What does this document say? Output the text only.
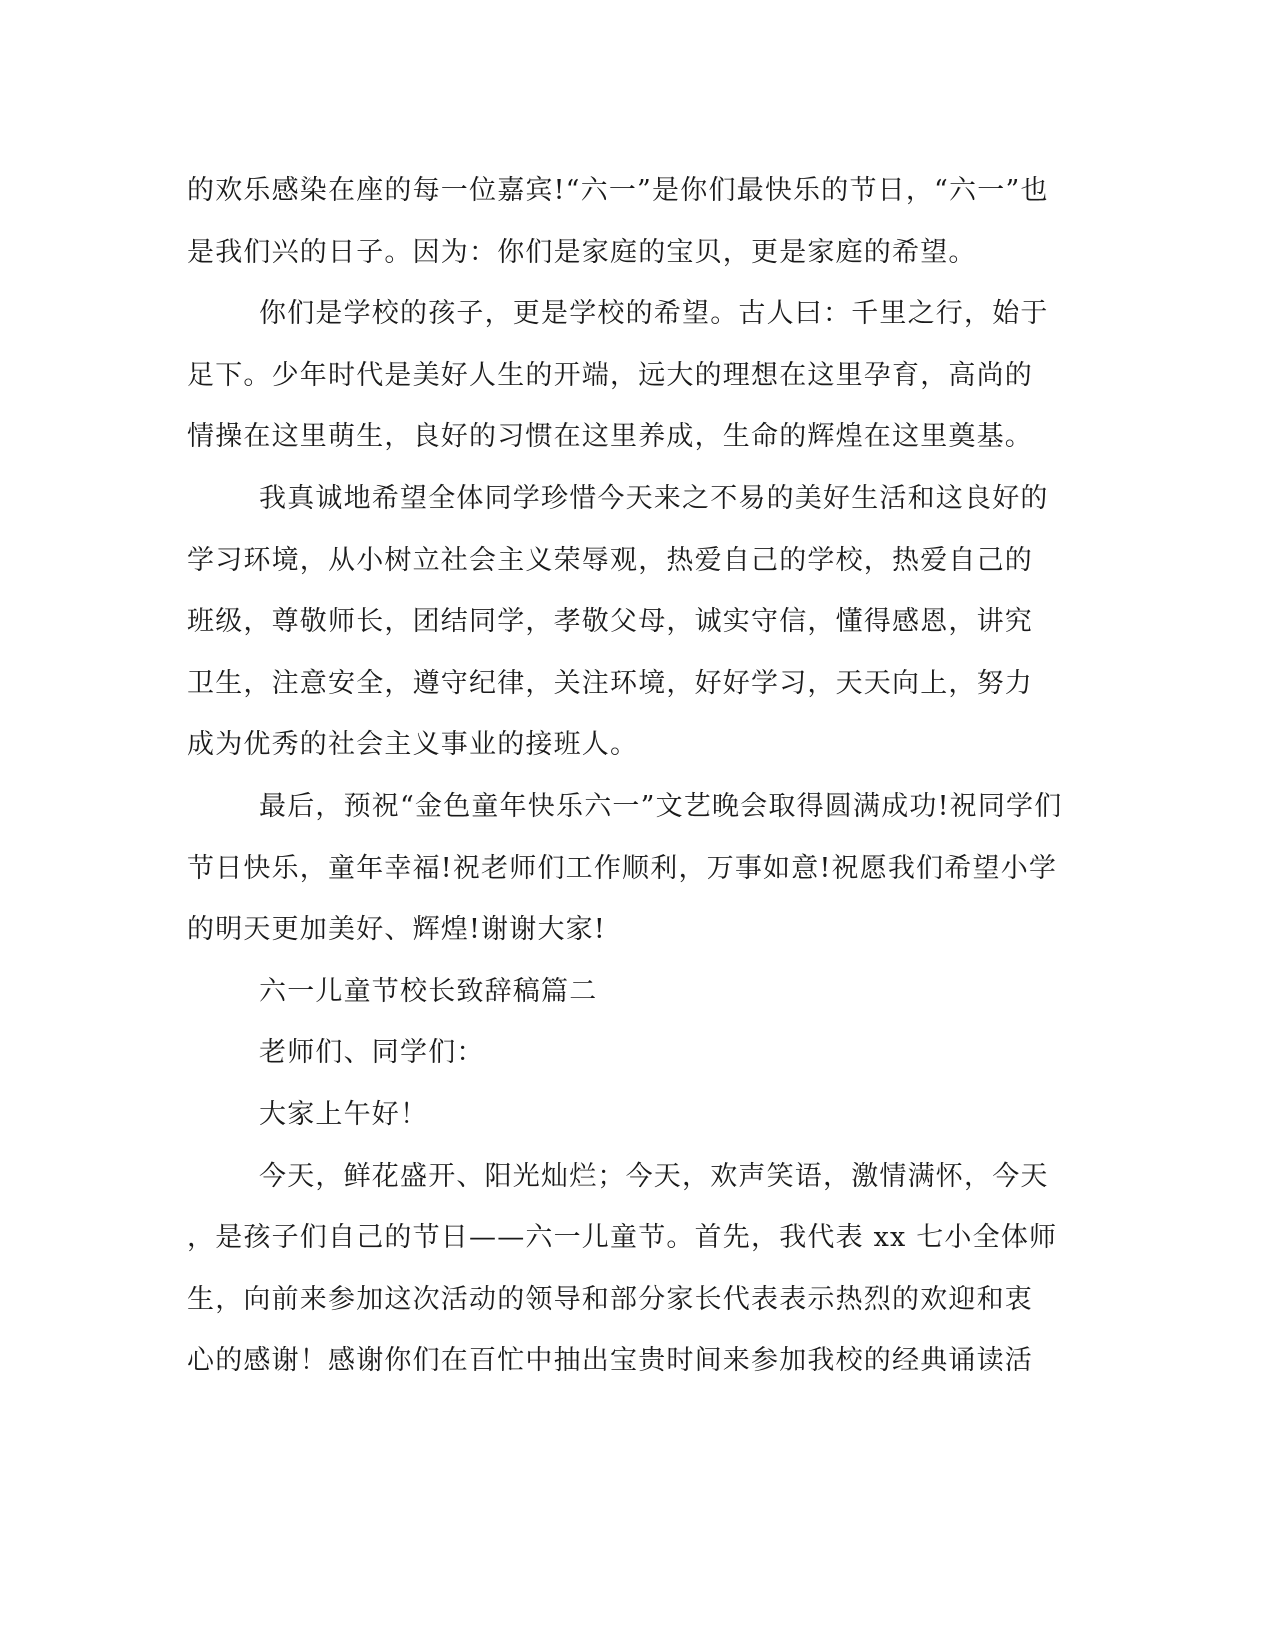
的欢乐感染在座的每一位嘉宾!“六一”是你们最快乐的节日，“六一”也
是我们兴的日子。因为：你们是家庭的宝贝，更是家庭的希望。
你们是学校的孩子，更是学校的希望。古人曰：千里之行，始于
足下。少年时代是美好人生的开端，远大的理想在这里孕育，高尚的
情操在这里萌生，良好的习惯在这里养成，生命的辉煌在这里奠基。
我真诚地希望全体同学珍惜今天来之不易的美好生活和这良好的
学习环境，从小树立社会主义荣辱观，热爱自己的学校，热爱自己的
班级，尊敬师长，团结同学，孝敬父母，诚实守信，懂得感恩，讲究
卫生，注意安全，遵守纪律，关注环境，好好学习，天天向上，努力
成为优秀的社会主义事业的接班人。
最后，预祝“金色童年快乐六一”文艺晚会取得圆满成功!祝同学们
节日快乐，童年幸福!祝老师们工作顺利，万事如意!祝愿我们希望小学
的明天更加美好、辉煌!谢谢大家!
六一儿童节校长致辞稿篇二
老师们、同学们：
大家上午好！
今天，鲜花盛开、阳光灿烂；今天，欢声笑语，激情满怀，今天
，是孩子们自己的节日——六一儿童节。首先，我代表 xx 七小全体师
生，向前来参加这次活动的领导和部分家长代表表示热烈的欢迎和衷
心的感谢！感谢你们在百忙中抽出宝贵时间来参加我校的经典诵读活
